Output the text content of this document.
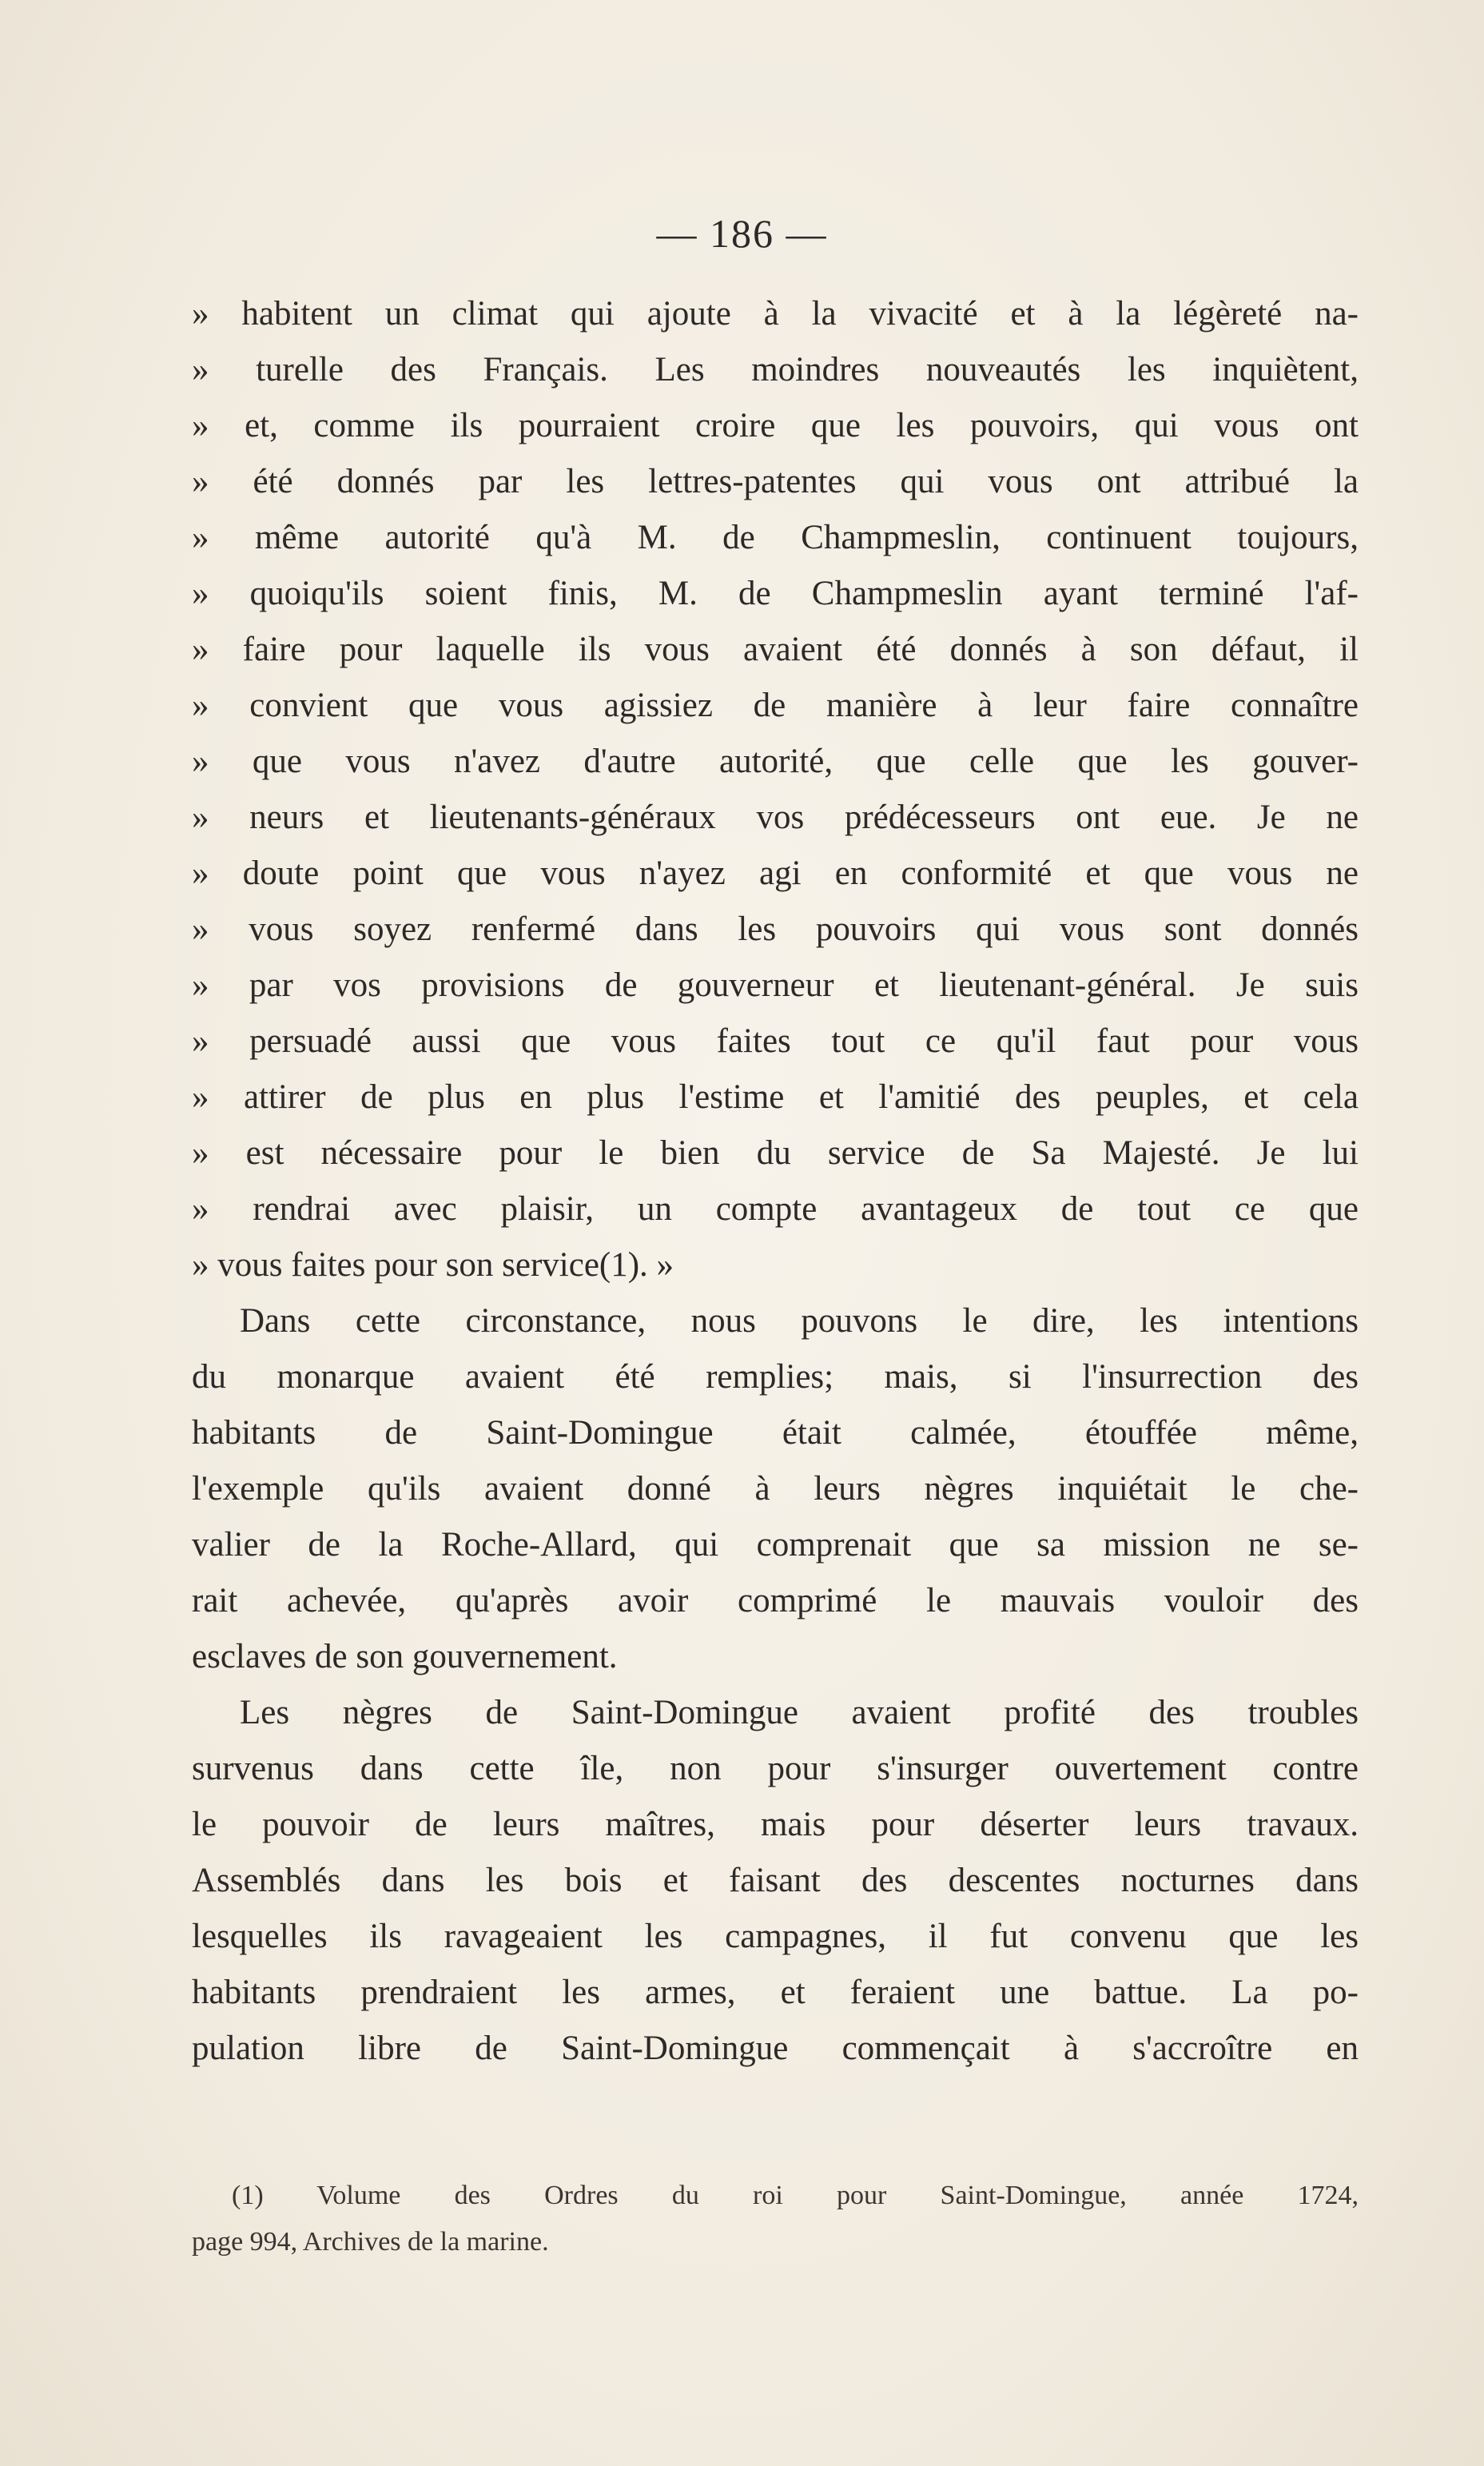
— 186 —
» habitent un climat qui ajoute à la vivacité et à la légèreté na-
» turelle des Français. Les moindres nouveautés les inquiètent,
» et, comme ils pourraient croire que les pouvoirs, qui vous ont
» été donnés par les lettres-patentes qui vous ont attribué la
» même autorité qu'à M. de Champmeslin, continuent toujours,
» quoiqu'ils soient finis, M. de Champmeslin ayant terminé l'af-
» faire pour laquelle ils vous avaient été donnés à son défaut, il
» convient que vous agissiez de manière à leur faire connaître
» que vous n'avez d'autre autorité, que celle que les gouver-
» neurs et lieutenants-généraux vos prédécesseurs ont eue. Je ne
» doute point que vous n'ayez agi en conformité et que vous ne
» vous soyez renfermé dans les pouvoirs qui vous sont donnés
» par vos provisions de gouverneur et lieutenant-général. Je suis
» persuadé aussi que vous faites tout ce qu'il faut pour vous
» attirer de plus en plus l'estime et l'amitié des peuples, et cela
» est nécessaire pour le bien du service de Sa Majesté. Je lui
» rendrai avec plaisir, un compte avantageux de tout ce que
» vous faites pour son service(1). »
Dans cette circonstance, nous pouvons le dire, les intentions
du monarque avaient été remplies; mais, si l'insurrection des
habitants de Saint-Domingue était calmée, étouffée même,
l'exemple qu'ils avaient donné à leurs nègres inquiétait le che-
valier de la Roche-Allard, qui comprenait que sa mission ne se-
rait achevée, qu'après avoir comprimé le mauvais vouloir des
esclaves de son gouvernement.
Les nègres de Saint-Domingue avaient profité des troubles
survenus dans cette île, non pour s'insurger ouvertement contre
le pouvoir de leurs maîtres, mais pour déserter leurs travaux.
Assemblés dans les bois et faisant des descentes nocturnes dans
lesquelles ils ravageaient les campagnes, il fut convenu que les
habitants prendraient les armes, et feraient une battue. La po-
pulation libre de Saint-Domingue commençait à s'accroître en
(1) Volume des Ordres du roi pour Saint-Domingue, année 1724,
page 994, Archives de la marine.
